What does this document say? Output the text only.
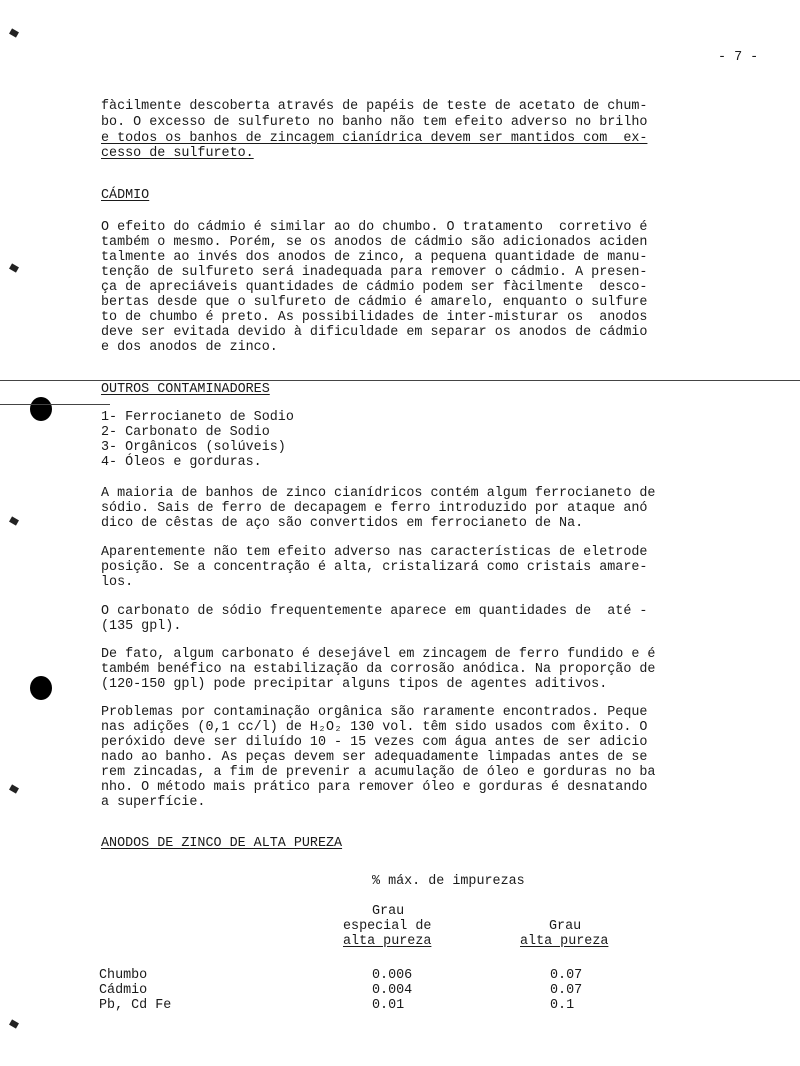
- 7 -
fàcilmente descoberta através de papéis de teste de acetato de chum-
bo. O excesso de sulfureto no banho não tem efeito adverso no brilho
e todos os banhos de zincagem cianídrica devem ser mantidos com  ex-
cesso de sulfureto.
CÁDMIO
O efeito do cádmio é similar ao do chumbo. O tratamento  corretivo é
também o mesmo. Porém, se os anodos de cádmio são adicionados aciden
talmente ao invés dos anodos de zinco, a pequena quantidade de manu-
tenção de sulfureto será inadequada para remover o cádmio. A presen-
ça de apreciáveis quantidades de cádmio podem ser fàcilmente  desco-
bertas desde que o sulfureto de cádmio é amarelo, enquanto o sulfure
to de chumbo é preto. As possibilidades de inter-misturar os  anodos
deve ser evitada devido à dificuldade em separar os anodos de cádmio
e dos anodos de zinco.
OUTROS CONTAMINADORES
1- Ferrocianeto de Sodio
2- Carbonato de Sodio
3- Orgânicos (solúveis)
4- Óleos e gorduras.
A maioria de banhos de zinco cianídricos contém algum ferrocianeto de
sódio. Sais de ferro de decapagem e ferro introduzido por ataque anó
dico de cêstas de aço são convertidos em ferrocianeto de Na.
Aparentemente não tem efeito adverso nas características de eletrode
posição. Se a concentração é alta, cristalizará como cristais amare-
los.
O carbonato de sódio frequentemente aparece em quantidades de  até -
(135 gpl).
De fato, algum carbonato é desejável em zincagem de ferro fundido e é
também benéfico na estabilização da corrosão anódica. Na proporção de
(120-150 gpl) pode precipitar alguns tipos de agentes aditivos.
Problemas por contaminação orgânica são raramente encontrados. Peque
nas adições (0,1 cc/l) de H₂O₂ 130 vol. têm sido usados com êxito. O
peróxido deve ser diluído 10 - 15 vezes com água antes de ser adicio
nado ao banho. As peças devem ser adequadamente limpadas antes de se
rem zincadas, a fim de prevenir a acumulação de óleo e gorduras no ba
nho. O método mais prático para remover óleo e gorduras é desnatando
a superfície.
ANODOS DE ZINCO DE ALTA PUREZA
% máx. de impurezas
Grau
especial de
alta pureza
Grau
alta pureza
Chumbo	0.006	0.07
Cádmio	0.004	0.07
Pb, Cd Fe	0.01	0.1
